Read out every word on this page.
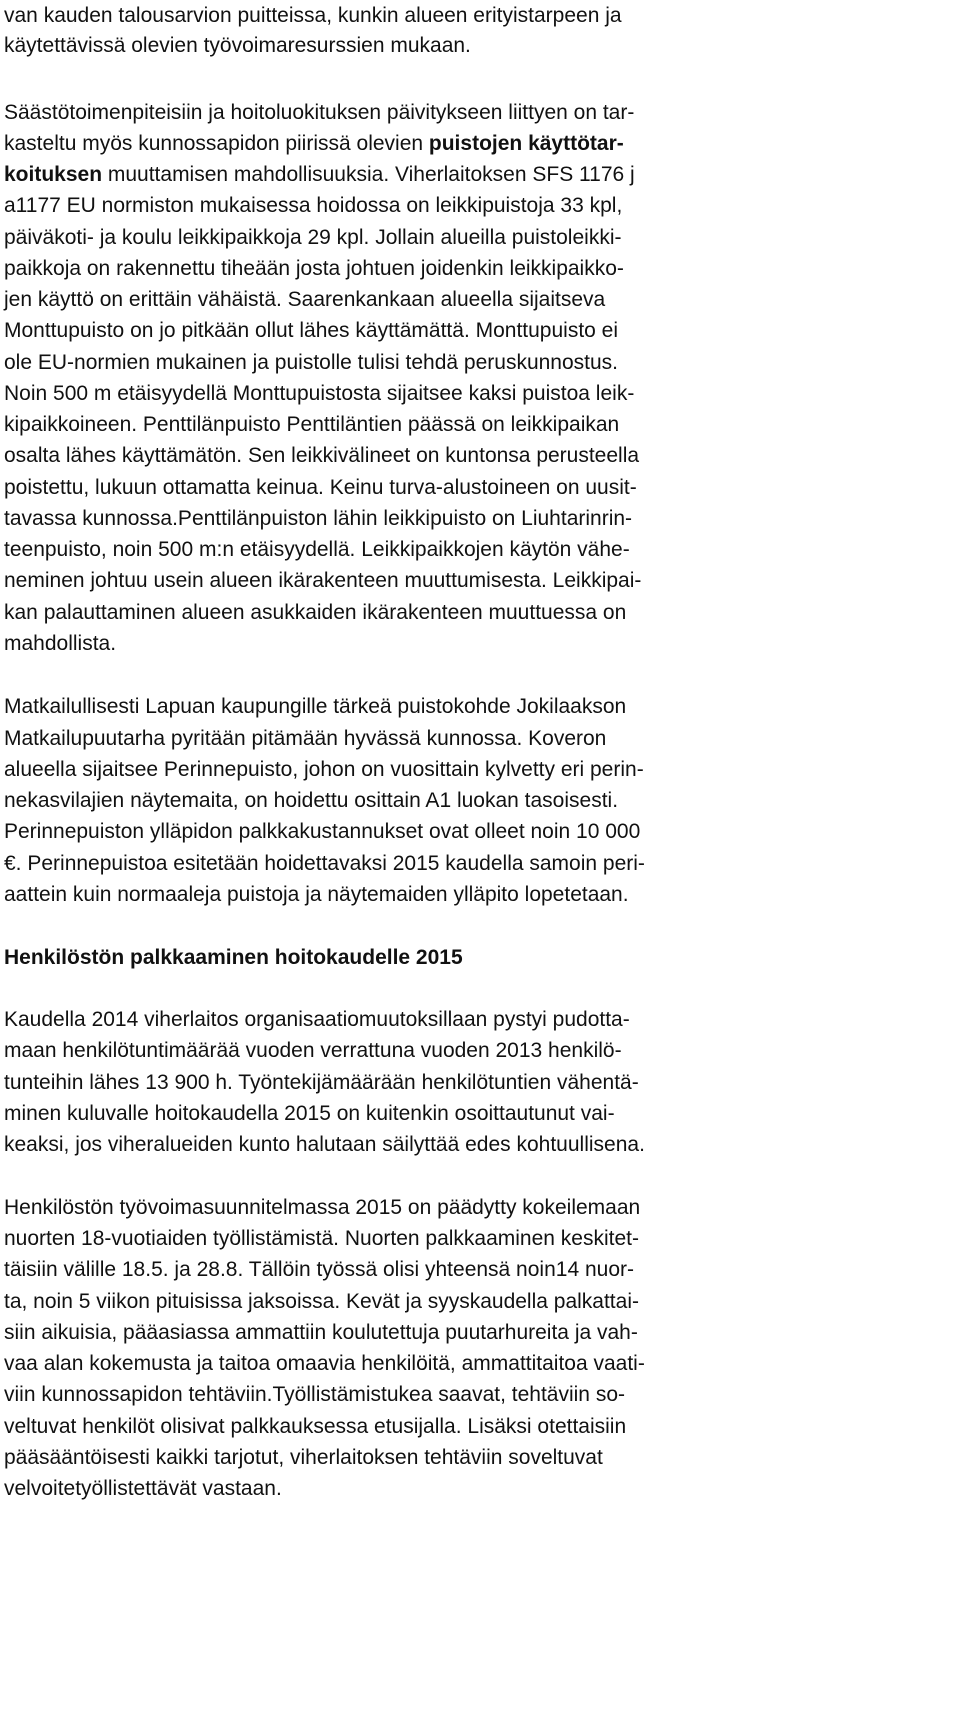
van kauden talousarvion puitteissa, kunkin alueen erityistarpeen ja
käytettävissä olevien työvoimaresurssien mukaan.
Säästötoimenpiteisiin ja hoitoluokituksen päivitykseen liittyen on tar-
kasteltu myös kunnossapidon piirissä olevien puistojen käyttötar-
koituksen muuttamisen mahdollisuuksia. Viherlaitoksen SFS 1176 j
a1177 EU normiston mukaisessa hoidossa on leikkipuistoja 33 kpl,
päiväkoti- ja koulu leikkipaikkoja 29 kpl. Jollain alueilla puistoleikki-
paikkoja on rakennettu tiheään josta johtuen joidenkin leikkipaikko-
jen käyttö on erittäin vähäistä. Saarenkankaan alueella sijaitseva
Monttupuisto on jo pitkään ollut lähes käyttämättä. Monttupuisto ei
ole EU-normien mukainen ja puistolle tulisi tehdä peruskunnostus.
Noin 500 m etäisyydellä Monttupuistosta sijaitsee kaksi puistoa leik-
kipaikkoineen. Penttilänpuisto Penttiläntien päässä on leikkipaikan
osalta lähes käyttämätön. Sen leikkivälineet on kuntonsa perusteella
poistettu, lukuun ottamatta keinua. Keinu turva-alustoineen on uusit-
tavassa kunnossa.Penttilänpuiston lähin leikkipuisto on Liuhtarinrin-
teenpuisto, noin 500 m:n etäisyydellä. Leikkipaikkojen käytön vähe-
neminen johtuu usein alueen ikärakenteen muuttumisesta. Leikkipai-
kan palauttaminen alueen asukkaiden ikärakenteen muuttuessa on
mahdollista.
Matkailullisesti Lapuan kaupungille tärkeä puistokohde Jokilaakson
Matkailupuutarha pyritään pitämään hyvässä kunnossa. Koveron
alueella sijaitsee Perinnepuisto, johon on vuosittain kylvetty eri perin-
nekasvilajien näytemaita, on hoidettu osittain A1 luokan tasoisesti.
Perinnepuiston ylläpidon palkkakustannukset ovat olleet noin 10 000
€. Perinnepuistoa esitetään hoidettavaksi 2015 kaudella samoin peri-
aattein kuin normaaleja puistoja ja näytemaiden ylläpito lopetetaan.
Henkilöstön palkkaaminen hoitokaudelle 2015
Kaudella 2014 viherlaitos organisaatiomuutoksillaan pystyi pudotta-
maan henkilötuntimäärää vuoden verrattuna vuoden 2013 henkilö-
tunteihin lähes 13 900 h. Työntekijämäärään henkilötuntien vähentä-
minen kuluvalle hoitokaudella 2015 on kuitenkin osoittautunut vai-
keaksi, jos viheralueiden kunto halutaan säilyttää edes kohtuullisena.
Henkilöstön työvoimasuunnitelmassa 2015 on päädytty kokeilemaan
nuorten 18-vuotiaiden työllistämistä. Nuorten palkkaaminen keskitet-
täisiin välille 18.5. ja 28.8. Tällöin työssä olisi yhteensä noin14 nuor-
ta, noin 5 viikon pituisissa jaksoissa. Kevät ja syyskaudella palkattai-
siin aikuisia, pääasiassa ammattiin koulutettuja puutarhureita ja vah-
vaa alan kokemusta ja taitoa omaavia henkilöitä, ammattitaitoa vaati-
viin kunnossapidon tehtäviin.Työllistämistukea saavat, tehtäviin so-
veltuvat henkilöt olisivat palkkauksessa etusijalla. Lisäksi otettaisiin
pääsääntöisesti kaikki tarjotut, viherlaitoksen tehtäviin soveltuvat
velvoitetyöllistettävät vastaan.
